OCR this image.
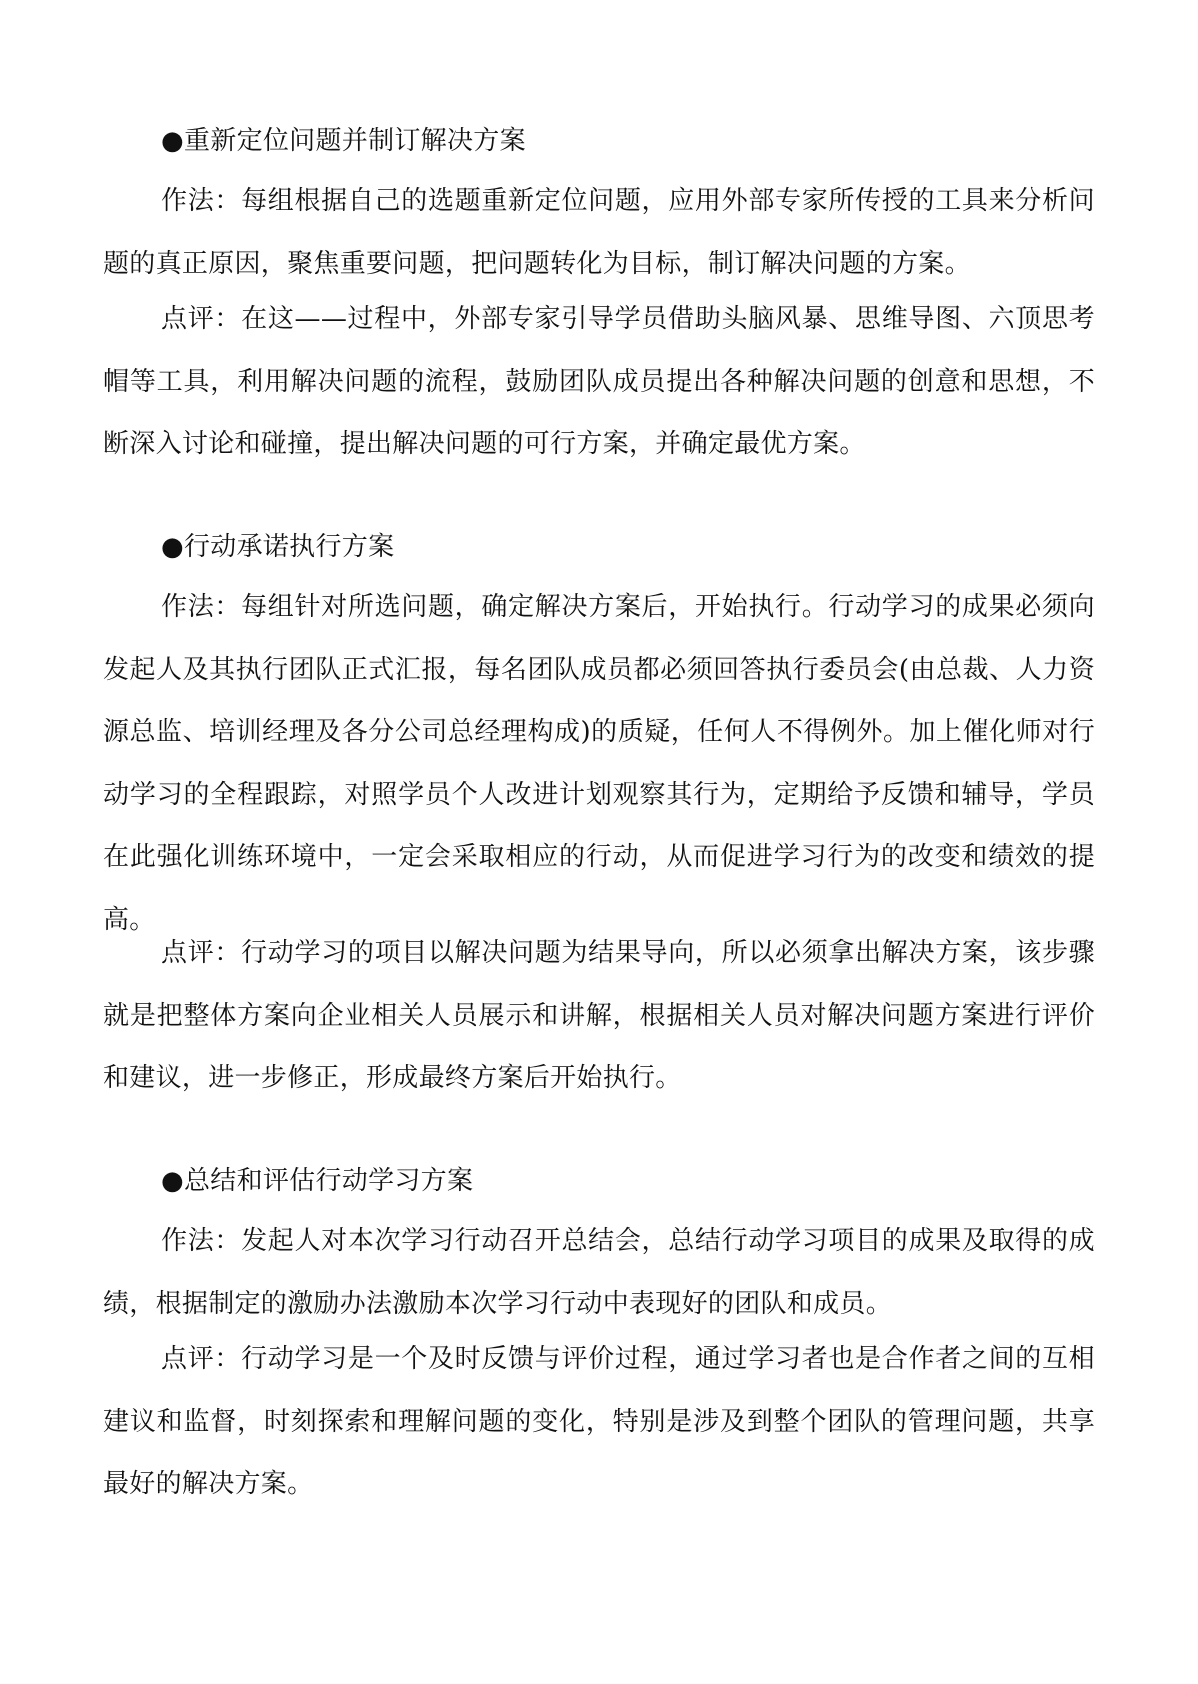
●重新定位问题并制订解决方案

作法：每组根据自己的选题重新定位问题，应用外部专家所传授的工具来分析问题的真正原因，聚焦重要问题，把问题转化为目标，制订解决问题的方案。

点评：在这——过程中，外部专家引导学员借助头脑风暴、思维导图、六顶思考帽等工具，利用解决问题的流程，鼓励团队成员提出各种解决问题的创意和思想，不断深入讨论和碰撞，提出解决问题的可行方案，并确定最优方案。

●行动承诺执行方案

作法：每组针对所选问题，确定解决方案后，开始执行。行动学习的成果必须向发起人及其执行团队正式汇报，每名团队成员都必须回答执行委员会(由总裁、人力资源总监、培训经理及各分公司总经理构成)的质疑，任何人不得例外。加上催化师对行动学习的全程跟踪，对照学员个人改进计划观察其行为，定期给予反馈和辅导，学员在此强化训练环境中，一定会采取相应的行动，从而促进学习行为的改变和绩效的提高。

点评：行动学习的项目以解决问题为结果导向，所以必须拿出解决方案，该步骤就是把整体方案向企业相关人员展示和讲解，根据相关人员对解决问题方案进行评价和建议，进一步修正，形成最终方案后开始执行。

●总结和评估行动学习方案

作法：发起人对本次学习行动召开总结会，总结行动学习项目的成果及取得的成绩，根据制定的激励办法激励本次学习行动中表现好的团队和成员。

点评：行动学习是一个及时反馈与评价过程，通过学习者也是合作者之间的互相建议和监督，时刻探索和理解问题的变化，特别是涉及到整个团队的管理问题，共享最好的解决方案。
